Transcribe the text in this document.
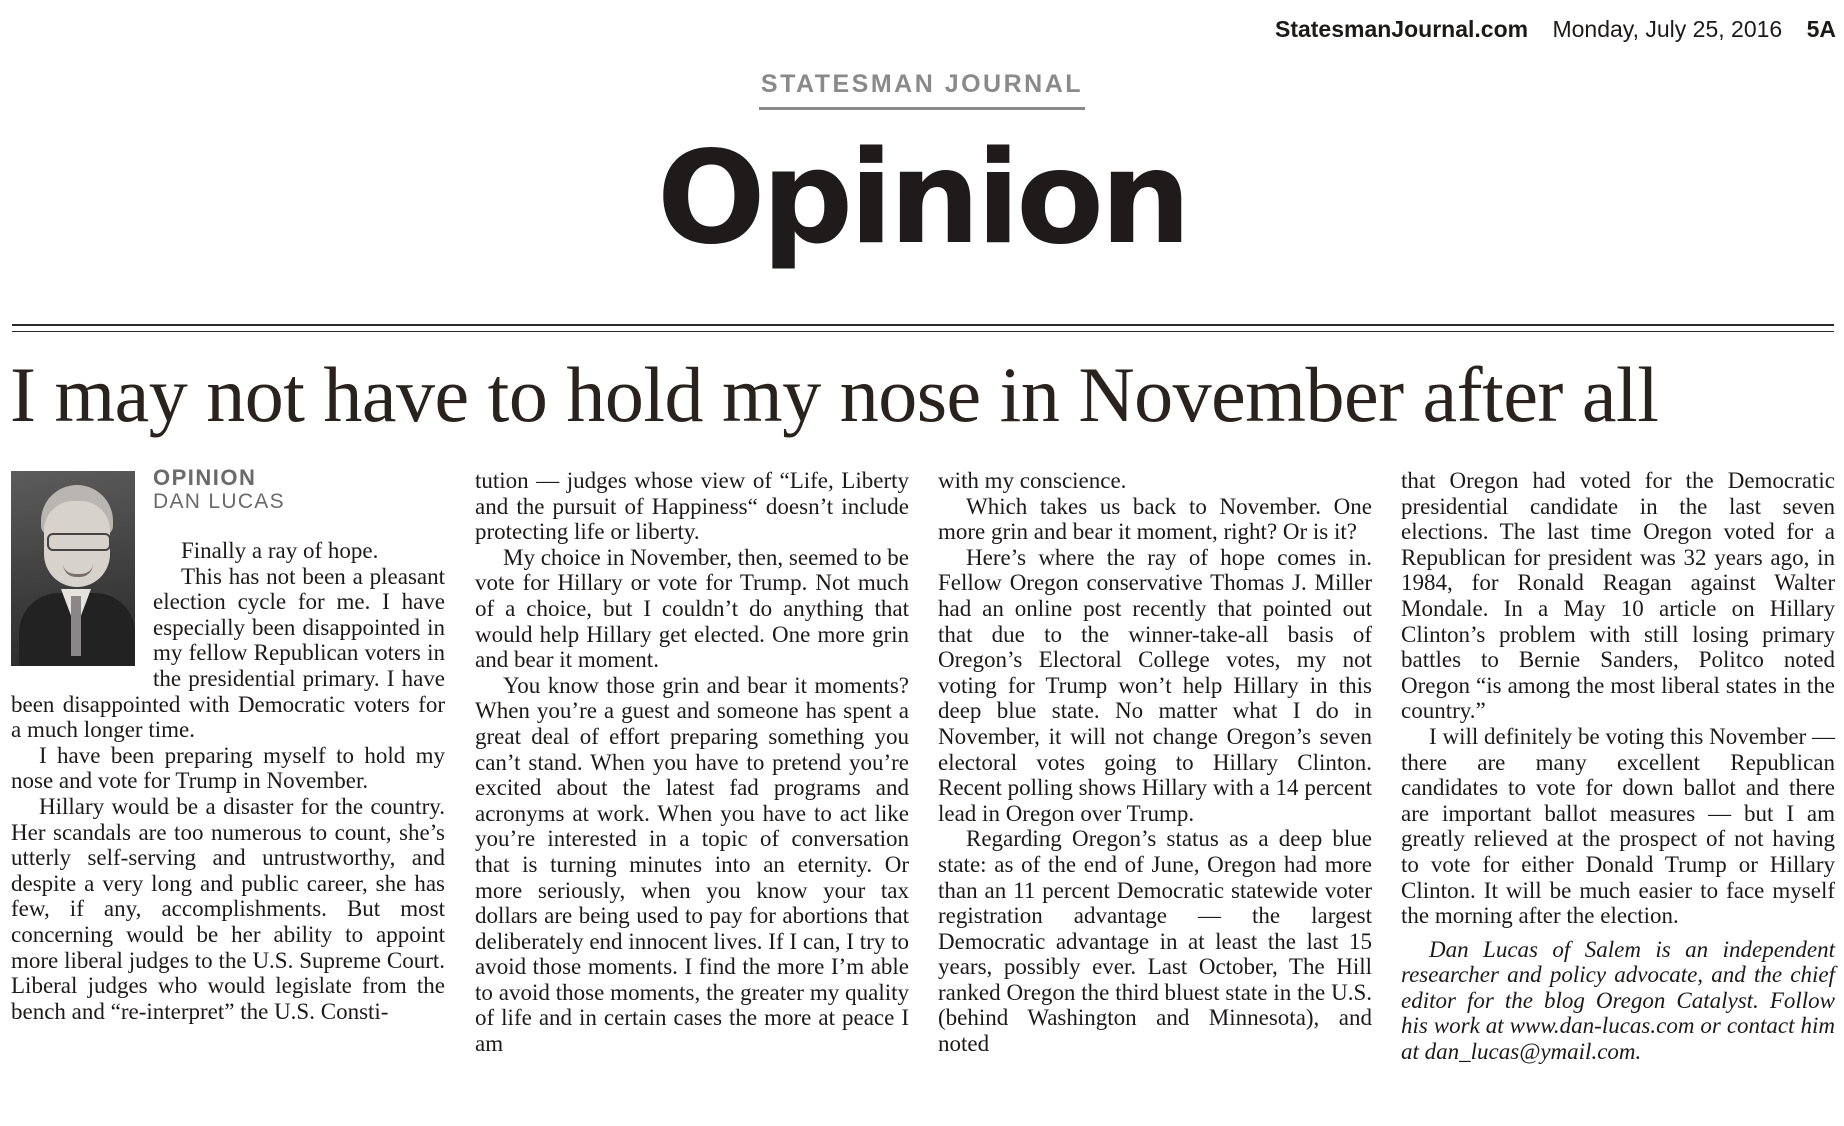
StatesmanJournal.com Monday, July 25, 2016 5A
STATESMAN JOURNAL
Opinion
I may not have to hold my nose in November after all
OPINION
DAN LUCAS

Finally a ray of hope.

This has not been a pleasant election cycle for me. I have especially been disappointed in my fellow Republican voters in the presidential primary. I have been disappointed with Democratic voters for a much longer time.

I have been preparing myself to hold my nose and vote for Trump in November.

Hillary would be a disaster for the country. Her scandals are too numerous to count, she’s utterly self-serving and untrustworthy, and despite a very long and public career, she has few, if any, accomplishments. But most concerning would be her ability to appoint more liberal judges to the U.S. Supreme Court. Liberal judges who would legislate from the bench and “re-interpret” the U.S. Consti-

tution — judges whose view of “Life, Liberty and the pursuit of Happiness“ doesn’t include protecting life or liberty.

My choice in November, then, seemed to be vote for Hillary or vote for Trump. Not much of a choice, but I couldn’t do anything that would help Hillary get elected. One more grin and bear it moment.

You know those grin and bear it moments? When you’re a guest and someone has spent a great deal of effort preparing something you can’t stand. When you have to pretend you’re excited about the latest fad programs and acronyms at work. When you have to act like you’re interested in a topic of conversation that is turning minutes into an eternity. Or more seriously, when you know your tax dollars are being used to pay for abortions that deliberately end innocent lives. If I can, I try to avoid those moments. I find the more I’m able to avoid those moments, the greater my quality of life and in certain cases the more at peace I am

with my conscience.

Which takes us back to November. One more grin and bear it moment, right? Or is it?

Here’s where the ray of hope comes in. Fellow Oregon conservative Thomas J. Miller had an online post recently that pointed out that due to the winner-take-all basis of Oregon’s Electoral College votes, my not voting for Trump won’t help Hillary in this deep blue state. No matter what I do in November, it will not change Oregon’s seven electoral votes going to Hillary Clinton. Recent polling shows Hillary with a 14 percent lead in Oregon over Trump.

Regarding Oregon’s status as a deep blue state: as of the end of June, Oregon had more than an 11 percent Democratic statewide voter registration advantage — the largest Democratic advantage in at least the last 15 years, possibly ever. Last October, The Hill ranked Oregon the third bluest state in the U.S. (behind Washington and Minnesota), and noted

that Oregon had voted for the Democratic presidential candidate in the last seven elections. The last time Oregon voted for a Republican for president was 32 years ago, in 1984, for Ronald Reagan against Walter Mondale. In a May 10 article on Hillary Clinton’s problem with still losing primary battles to Bernie Sanders, Politco noted Oregon “is among the most liberal states in the country.”

I will definitely be voting this November — there are many excellent Republican candidates to vote for down ballot and there are important ballot measures — but I am greatly relieved at the prospect of not having to vote for either Donald Trump or Hillary Clinton. It will be much easier to face myself the morning after the election.

Dan Lucas of Salem is an independent researcher and policy advocate, and the chief editor for the blog Oregon Catalyst. Follow his work at www.dan-lucas.com or contact him at dan_lucas@ymail.com.
